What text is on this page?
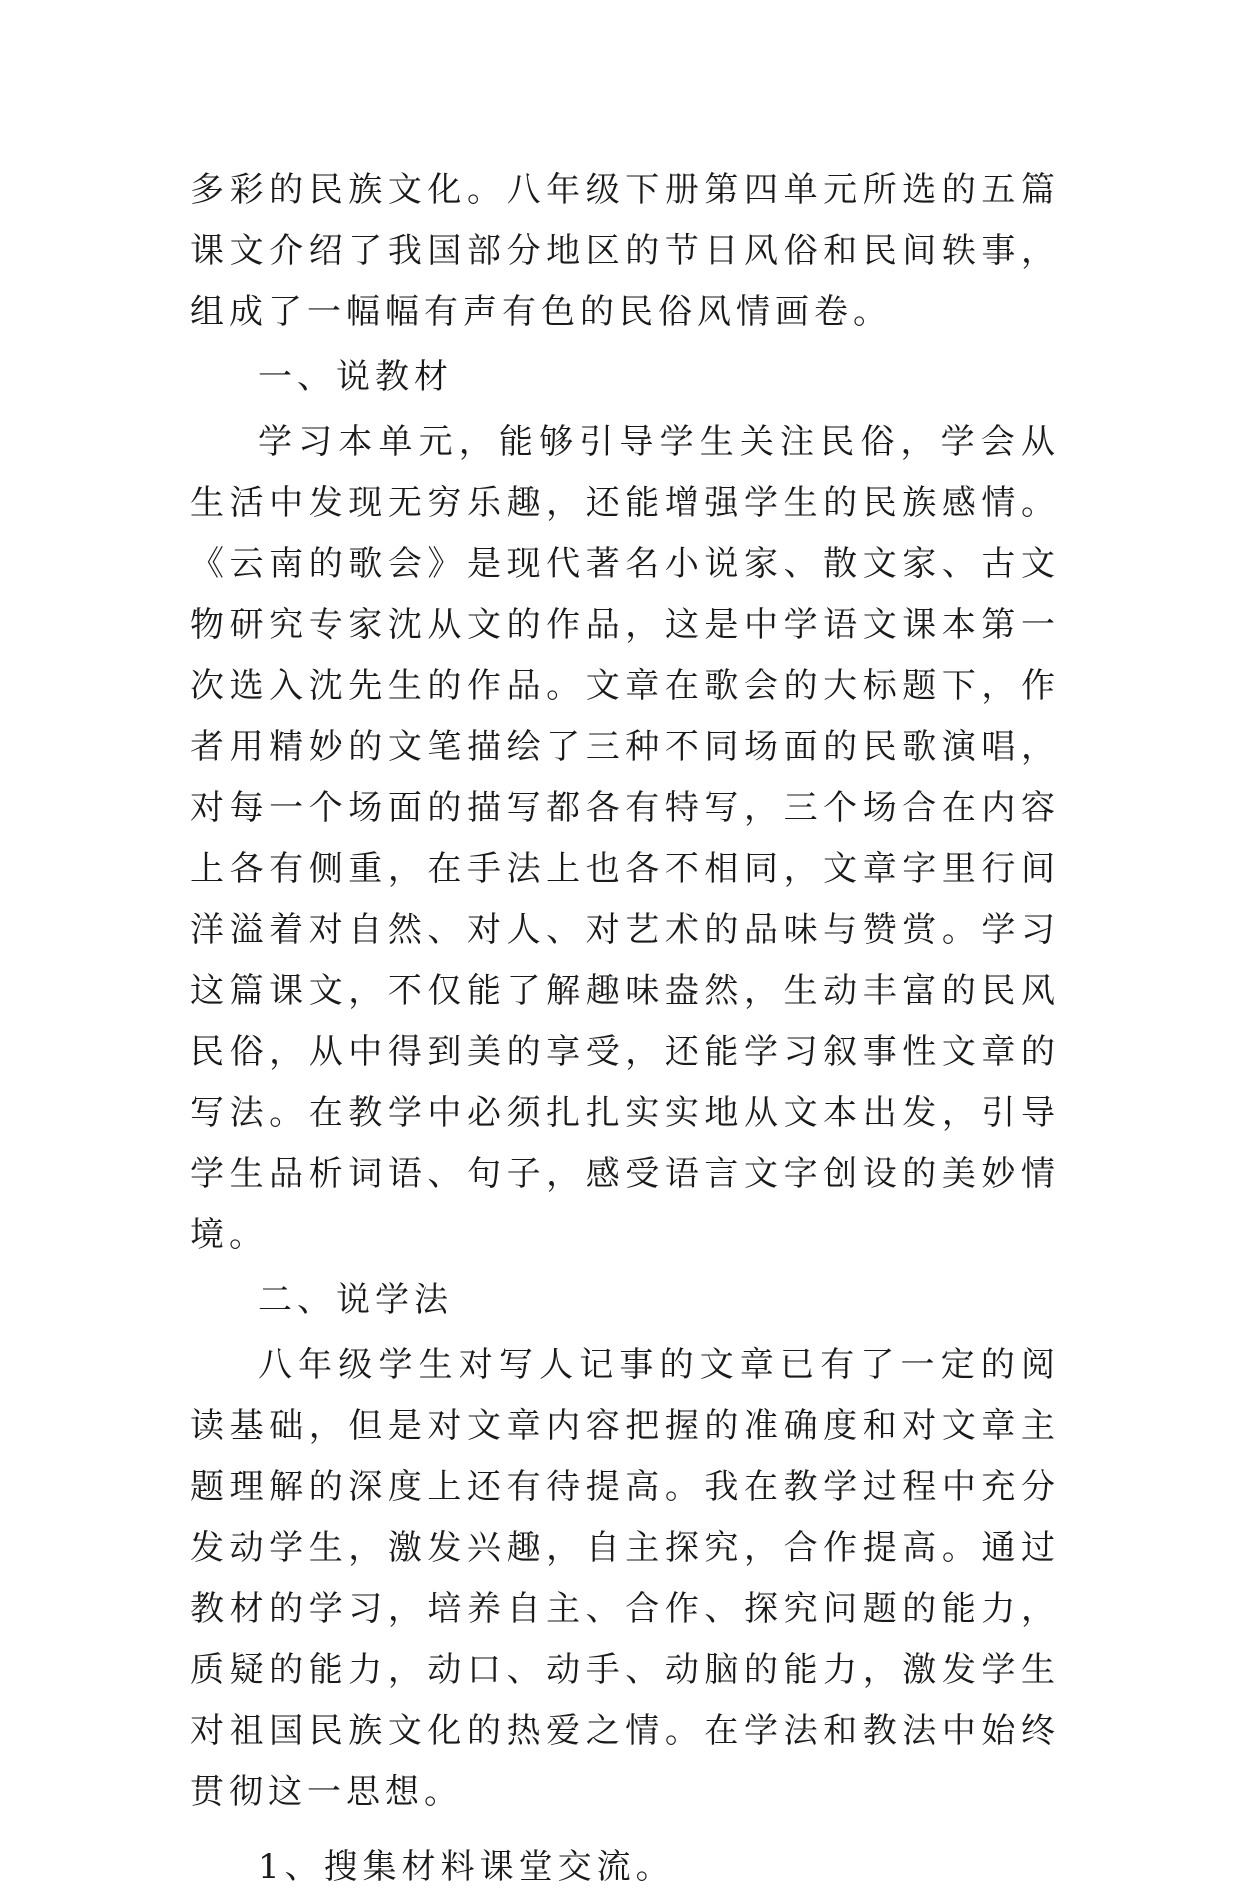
多彩的民族文化。八年级下册第四单元所选的五篇课文介绍了我国部分地区的节日风俗和民间轶事，组成了一幅幅有声有色的民俗风情画卷。

一、说教材

学习本单元，能够引导学生关注民俗，学会从生活中发现无穷乐趣，还能增强学生的民族感情。《云南的歌会》是现代著名小说家、散文家、古文物研究专家沈从文的作品，这是中学语文课本第一次选入沈先生的作品。文章在歌会的大标题下，作者用精妙的文笔描绘了三种不同场面的民歌演唱，对每一个场面的描写都各有特写，三个场合在内容上各有侧重，在手法上也各不相同，文章字里行间洋溢着对自然、对人、对艺术的品味与赞赏。学习这篇课文，不仅能了解趣味盎然，生动丰富的民风民俗，从中得到美的享受，还能学习叙事性文章的写法。在教学中必须扎扎实实地从文本出发，引导学生品析词语、句子，感受语言文字创设的美妙情境。

二、说学法

八年级学生对写人记事的文章已有了一定的阅读基础，但是对文章内容把握的准确度和对文章主题理解的深度上还有待提高。我在教学过程中充分发动学生，激发兴趣，自主探究，合作提高。通过教材的学习，培养自主、合作、探究问题的能力，质疑的能力，动口、动手、动脑的能力，激发学生对祖国民族文化的热爱之情。在学法和教法中始终贯彻这一思想。

1、搜集材料课堂交流。
